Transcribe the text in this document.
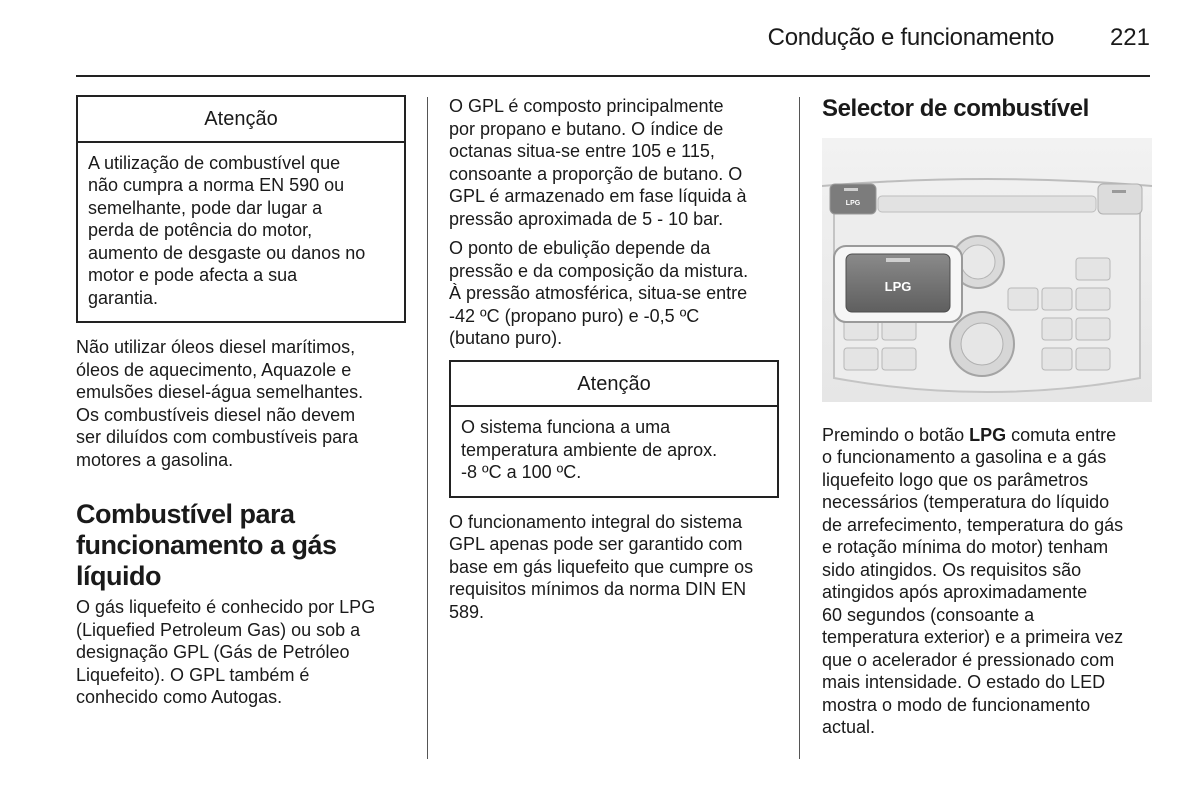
Condução e funcionamento 221
Atenção
A utilização de combustível que
não cumpra a norma EN 590 ou
semelhante, pode dar lugar a
perda de potência do motor,
aumento de desgaste ou danos no
motor e pode afecta a sua
garantia.
Não utilizar óleos diesel marítimos,
óleos de aquecimento, Aquazole e
emulsões diesel-água semelhantes.
Os combustíveis diesel não devem
ser diluídos com combustíveis para
motores a gasolina.
Combustível para
funcionamento a gás
líquido
O gás liquefeito é conhecido por LPG
(Liquefied Petroleum Gas) ou sob a
designação GPL (Gás de Petróleo
Liquefeito). O GPL também é
conhecido como Autogas.
O GPL é composto principalmente
por propano e butano. O índice de
octanas situa-se entre 105 e 115,
consoante a proporção de butano. O
GPL é armazenado em fase líquida à
pressão aproximada de 5 - 10 bar.
O ponto de ebulição depende da
pressão e da composição da mistura.
À pressão atmosférica, situa-se entre
-42 ºC (propano puro) e -0,5 ºC
(butano puro).
Atenção
O sistema funciona a uma
temperatura ambiente de aprox.
-8 ºC a 100 ºC.
O funcionamento integral do sistema
GPL apenas pode ser garantido com
base em gás liquefeito que cumpre os
requisitos mínimos da norma DIN EN
589.
Selector de combustível
LPG
LPG
Premindo o botão LPG comuta entre
o funcionamento a gasolina e a gás
liquefeito logo que os parâmetros
necessários (temperatura do líquido
de arrefecimento, temperatura do gás
e rotação mínima do motor) tenham
sido atingidos. Os requisitos são
atingidos após aproximadamente
60 segundos (consoante a
temperatura exterior) e a primeira vez
que o acelerador é pressionado com
mais intensidade. O estado do LED
mostra o modo de funcionamento
actual.
